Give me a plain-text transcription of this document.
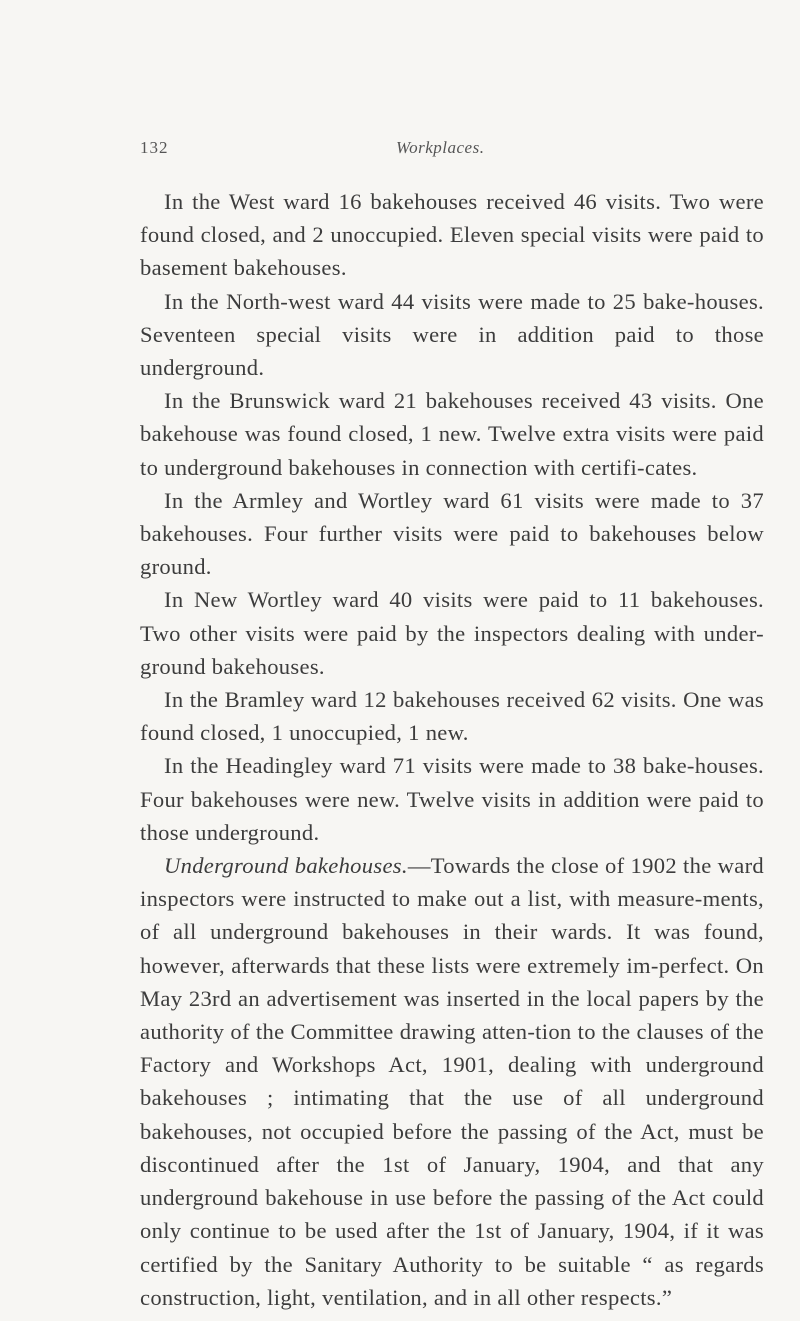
132	Workplaces.

In the West ward 16 bakehouses received 46 visits. Two were found closed, and 2 unoccupied. Eleven special visits were paid to basement bakehouses.

In the North-west ward 44 visits were made to 25 bake-houses. Seventeen special visits were in addition paid to those underground.

In the Brunswick ward 21 bakehouses received 43 visits. One bakehouse was found closed, 1 new. Twelve extra visits were paid to underground bakehouses in connection with certifi-cates.

In the Armley and Wortley ward 61 visits were made to 37 bakehouses. Four further visits were paid to bakehouses below ground.

In New Wortley ward 40 visits were paid to 11 bakehouses. Two other visits were paid by the inspectors dealing with under-ground bakehouses.

In the Bramley ward 12 bakehouses received 62 visits. One was found closed, 1 unoccupied, 1 new.

In the Headingley ward 71 visits were made to 38 bake-houses. Four bakehouses were new. Twelve visits in addition were paid to those underground.

Underground bakehouses.—Towards the close of 1902 the ward inspectors were instructed to make out a list, with measure-ments, of all underground bakehouses in their wards. It was found, however, afterwards that these lists were extremely im-perfect. On May 23rd an advertisement was inserted in the local papers by the authority of the Committee drawing atten-tion to the clauses of the Factory and Workshops Act, 1901, dealing with underground bakehouses ; intimating that the use of all underground bakehouses, not occupied before the passing of the Act, must be discontinued after the 1st of January, 1904, and that any underground bakehouse in use before the passing of the Act could only continue to be used after the 1st of January, 1904, if it was certified by the Sanitary Authority to be suitable “ as regards construction, light, ventilation, and in all other respects.”
